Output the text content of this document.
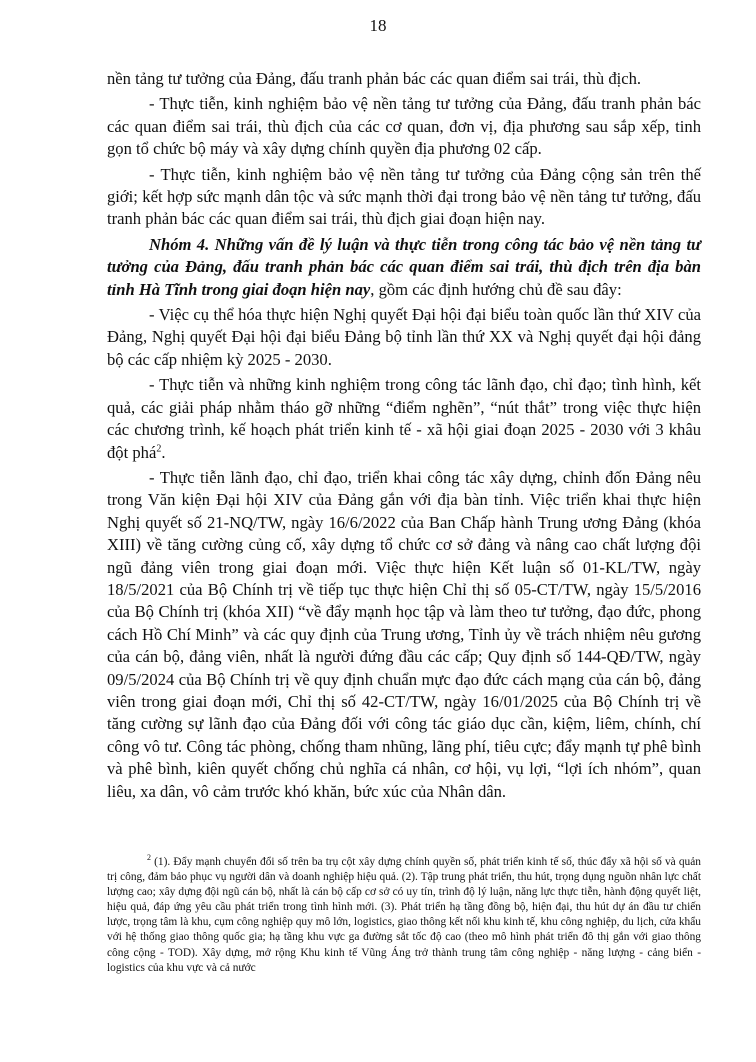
18

nền tảng tư tưởng của Đảng, đấu tranh phản bác các quan điểm sai trái, thù địch.

- Thực tiễn, kinh nghiệm bảo vệ nền tảng tư tưởng của Đảng, đấu tranh phản bác các quan điểm sai trái, thù địch của các cơ quan, đơn vị, địa phương sau sắp xếp, tinh gọn tổ chức bộ máy và xây dựng chính quyền địa phương 02 cấp.

- Thực tiễn, kinh nghiệm bảo vệ nền tảng tư tưởng của Đảng cộng sản trên thế giới; kết hợp sức mạnh dân tộc và sức mạnh thời đại trong bảo vệ nền tảng tư tưởng, đấu tranh phản bác các quan điểm sai trái, thù địch giai đoạn hiện nay.

Nhóm 4. Những vấn đề lý luận và thực tiễn trong công tác bảo vệ nền tảng tư tưởng của Đảng, đấu tranh phản bác các quan điểm sai trái, thù địch trên địa bàn tỉnh Hà Tĩnh trong giai đoạn hiện nay, gồm các định hướng chủ đề sau đây:

- Việc cụ thể hóa thực hiện Nghị quyết Đại hội đại biểu toàn quốc lần thứ XIV của Đảng, Nghị quyết Đại hội đại biểu Đảng bộ tỉnh lần thứ XX và Nghị quyết đại hội đảng bộ các cấp nhiệm kỳ 2025 - 2030.

- Thực tiễn và những kinh nghiệm trong công tác lãnh đạo, chỉ đạo; tình hình, kết quả, các giải pháp nhằm tháo gỡ những “điểm nghẽn”, “nút thắt” trong việc thực hiện các chương trình, kế hoạch phát triển kinh tế - xã hội giai đoạn 2025 - 2030 với 3 khâu đột phá$^2$.

- Thực tiễn lãnh đạo, chỉ đạo, triển khai công tác xây dựng, chỉnh đốn Đảng nêu trong Văn kiện Đại hội XIV của Đảng gắn với địa bàn tỉnh. Việc triển khai thực hiện Nghị quyết số 21-NQ/TW, ngày 16/6/2022 của Ban Chấp hành Trung ương Đảng (khóa XIII) về tăng cường củng cố, xây dựng tổ chức cơ sở đảng và nâng cao chất lượng đội ngũ đảng viên trong giai đoạn mới. Việc thực hiện Kết luận số 01-KL/TW, ngày 18/5/2021 của Bộ Chính trị về tiếp tục thực hiện Chỉ thị số 05-CT/TW, ngày 15/5/2016 của Bộ Chính trị (khóa XII) “về đẩy mạnh học tập và làm theo tư tưởng, đạo đức, phong cách Hồ Chí Minh” và các quy định của Trung ương, Tỉnh ủy về trách nhiệm nêu gương của cán bộ, đảng viên, nhất là người đứng đầu các cấp; Quy định số 144-QĐ/TW, ngày 09/5/2024 của Bộ Chính trị về quy định chuẩn mực đạo đức cách mạng của cán bộ, đảng viên trong giai đoạn mới, Chỉ thị số 42-CT/TW, ngày 16/01/2025 của Bộ Chính trị về tăng cường sự lãnh đạo của Đảng đối với công tác giáo dục cần, kiệm, liêm, chính, chí công vô tư. Công tác phòng, chống tham nhũng, lãng phí, tiêu cực; đẩy mạnh tự phê bình và phê bình, kiên quyết chống chủ nghĩa cá nhân, cơ hội, vụ lợi, “lợi ích nhóm”, quan liêu, xa dân, vô cảm trước khó khăn, bức xúc của Nhân dân.

$^2$ (1). Đẩy mạnh chuyển đổi số trên ba trụ cột xây dựng chính quyền số, phát triển kinh tế số, thúc đẩy xã hội số và quản trị công, đảm bảo phục vụ người dân và doanh nghiệp hiệu quả. (2). Tập trung phát triển, thu hút, trọng dụng nguồn nhân lực chất lượng cao; xây dựng đội ngũ cán bộ, nhất là cán bộ cấp cơ sở có uy tín, trình độ lý luận, năng lực thực tiễn, hành động quyết liệt, hiệu quả, đáp ứng yêu cầu phát triển trong tình hình mới. (3). Phát triển hạ tầng đồng bộ, hiện đại, thu hút dự án đầu tư chiến lược, trọng tâm là khu, cụm công nghiệp quy mô lớn, logistics, giao thông kết nối khu kinh tế, khu công nghiệp, du lịch, cửa khẩu với hệ thống giao thông quốc gia; hạ tầng khu vực ga đường sắt tốc độ cao (theo mô hình phát triển đô thị gắn với giao thông công cộng - TOD). Xây dựng, mở rộng Khu kinh tế Vũng Áng trở thành trung tâm công nghiệp - năng lượng - cảng biển - logistics của khu vực và cả nước
